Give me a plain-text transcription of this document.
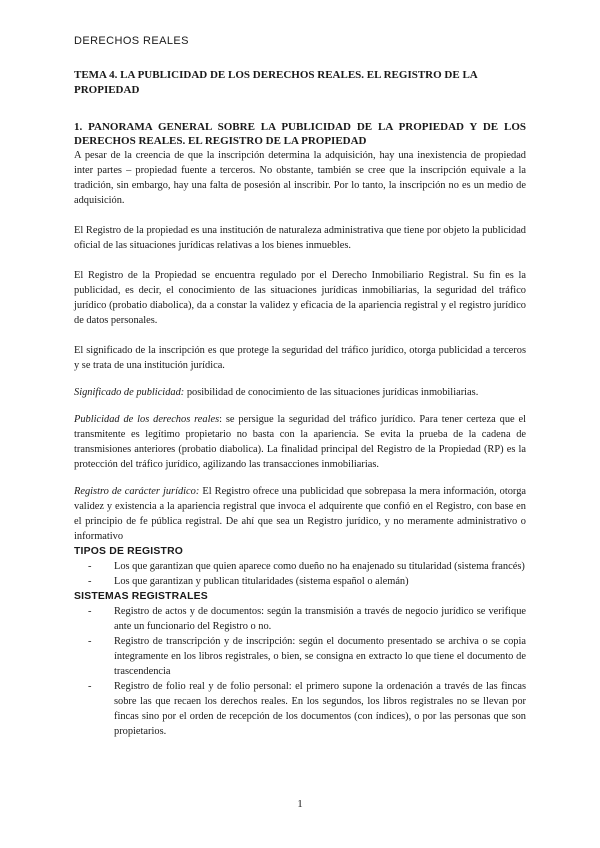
DERECHOS REALES
TEMA 4. LA PUBLICIDAD DE LOS DERECHOS REALES. EL REGISTRO DE LA PROPIEDAD
1. PANORAMA GENERAL SOBRE LA PUBLICIDAD DE LA PROPIEDAD Y DE LOS DERECHOS REALES. EL REGISTRO DE LA PROPIEDAD

A pesar de la creencia de que la inscripción determina la adquisición, hay una inexistencia de propiedad inter partes – propiedad fuente a terceros. No obstante, también se cree que la inscripción equivale a la tradición, sin embargo, hay una falta de posesión al inscribir. Por lo tanto, la inscripción no es un medio de adquisición.

El Registro de la propiedad es una institución de naturaleza administrativa que tiene por objeto la publicidad oficial de las situaciones jurídicas relativas a los bienes inmuebles.

El Registro de la Propiedad se encuentra regulado por el Derecho Inmobiliario Registral. Su fin es la publicidad, es decir, el conocimiento de las situaciones jurídicas inmobiliarias, la seguridad del tráfico jurídico (probatio diabolica), da a constar la validez y eficacia de la apariencia registral y el registro jurídico de datos personales.

El significado de la inscripción es que protege la seguridad del tráfico jurídico, otorga publicidad a terceros y se trata de una institución jurídica.

Significado de publicidad: posibilidad de conocimiento de las situaciones jurídicas inmobiliarias.

Publicidad de los derechos reales: se persigue la seguridad del tráfico jurídico. Para tener certeza que el transmitente es legítimo propietario no basta con la apariencia. Se evita la prueba de la cadena de transmisiones anteriores (probatio diabolica). La finalidad principal del Registro de la Propiedad (RP) es la protección del tráfico jurídico, agilizando las transacciones inmobiliarias.

Registro de carácter jurídico: El Registro ofrece una publicidad que sobrepasa la mera información, otorga validez y existencia a la apariencia registral que invoca el adquirente que confió en el Registro, con base en el principio de fe pública registral. De ahí que sea un Registro jurídico, y no meramente administrativo o informativo

TIPOS DE REGISTRO
- Los que garantizan que quien aparece como dueño no ha enajenado su titularidad (sistema francés)
- Los que garantizan y publican titularidades (sistema español o alemán)
SISTEMAS REGISTRALES
- Registro de actos y de documentos: según la transmisión a través de negocio jurídico se verifique ante un funcionario del Registro o no.
- Registro de transcripción y de inscripción: según el documento presentado se archiva o se copia íntegramente en los libros registrales, o bien, se consigna en extracto lo que tiene el documento de trascendencia
- Registro de folio real y de folio personal: el primero supone la ordenación a través de las fincas sobre las que recaen los derechos reales. En los segundos, los libros registrales no se llevan por fincas sino por el orden de recepción de los documentos (con índices), o por las personas que son propietarios.
1
